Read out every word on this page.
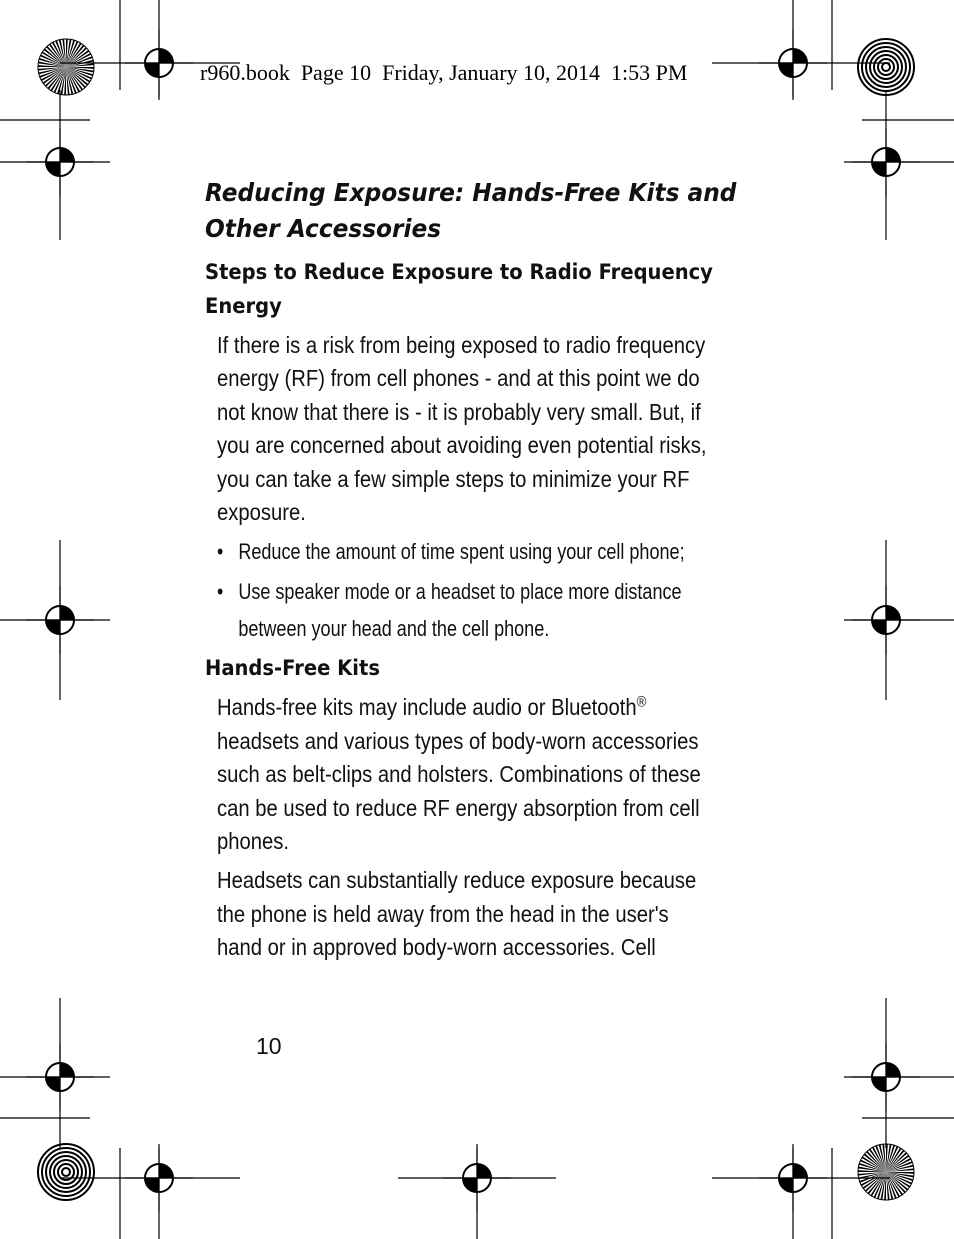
r960.book  Page 10  Friday, January 10, 2014  1:53 PM
Reducing Exposure: Hands-Free Kits and
Other Accessories
Steps to Reduce Exposure to Radio Frequency
Energy

If there is a risk from being exposed to radio frequency
energy (RF) from cell phones - and at this point we do
not know that there is - it is probably very small. But, if
you are concerned about avoiding even potential risks,
you can take a few simple steps to minimize your RF
exposure.

• Reduce the amount of time spent using your cell phone;
• Use speaker mode or a headset to place more distance
between your head and the cell phone.
Hands-Free Kits

Hands-free kits may include audio or Bluetooth®
headsets and various types of body-worn accessories
such as belt-clips and holsters. Combinations of these
can be used to reduce RF energy absorption from cell
phones.

Headsets can substantially reduce exposure because
the phone is held away from the head in the user's
hand or in approved body-worn accessories. Cell

10
